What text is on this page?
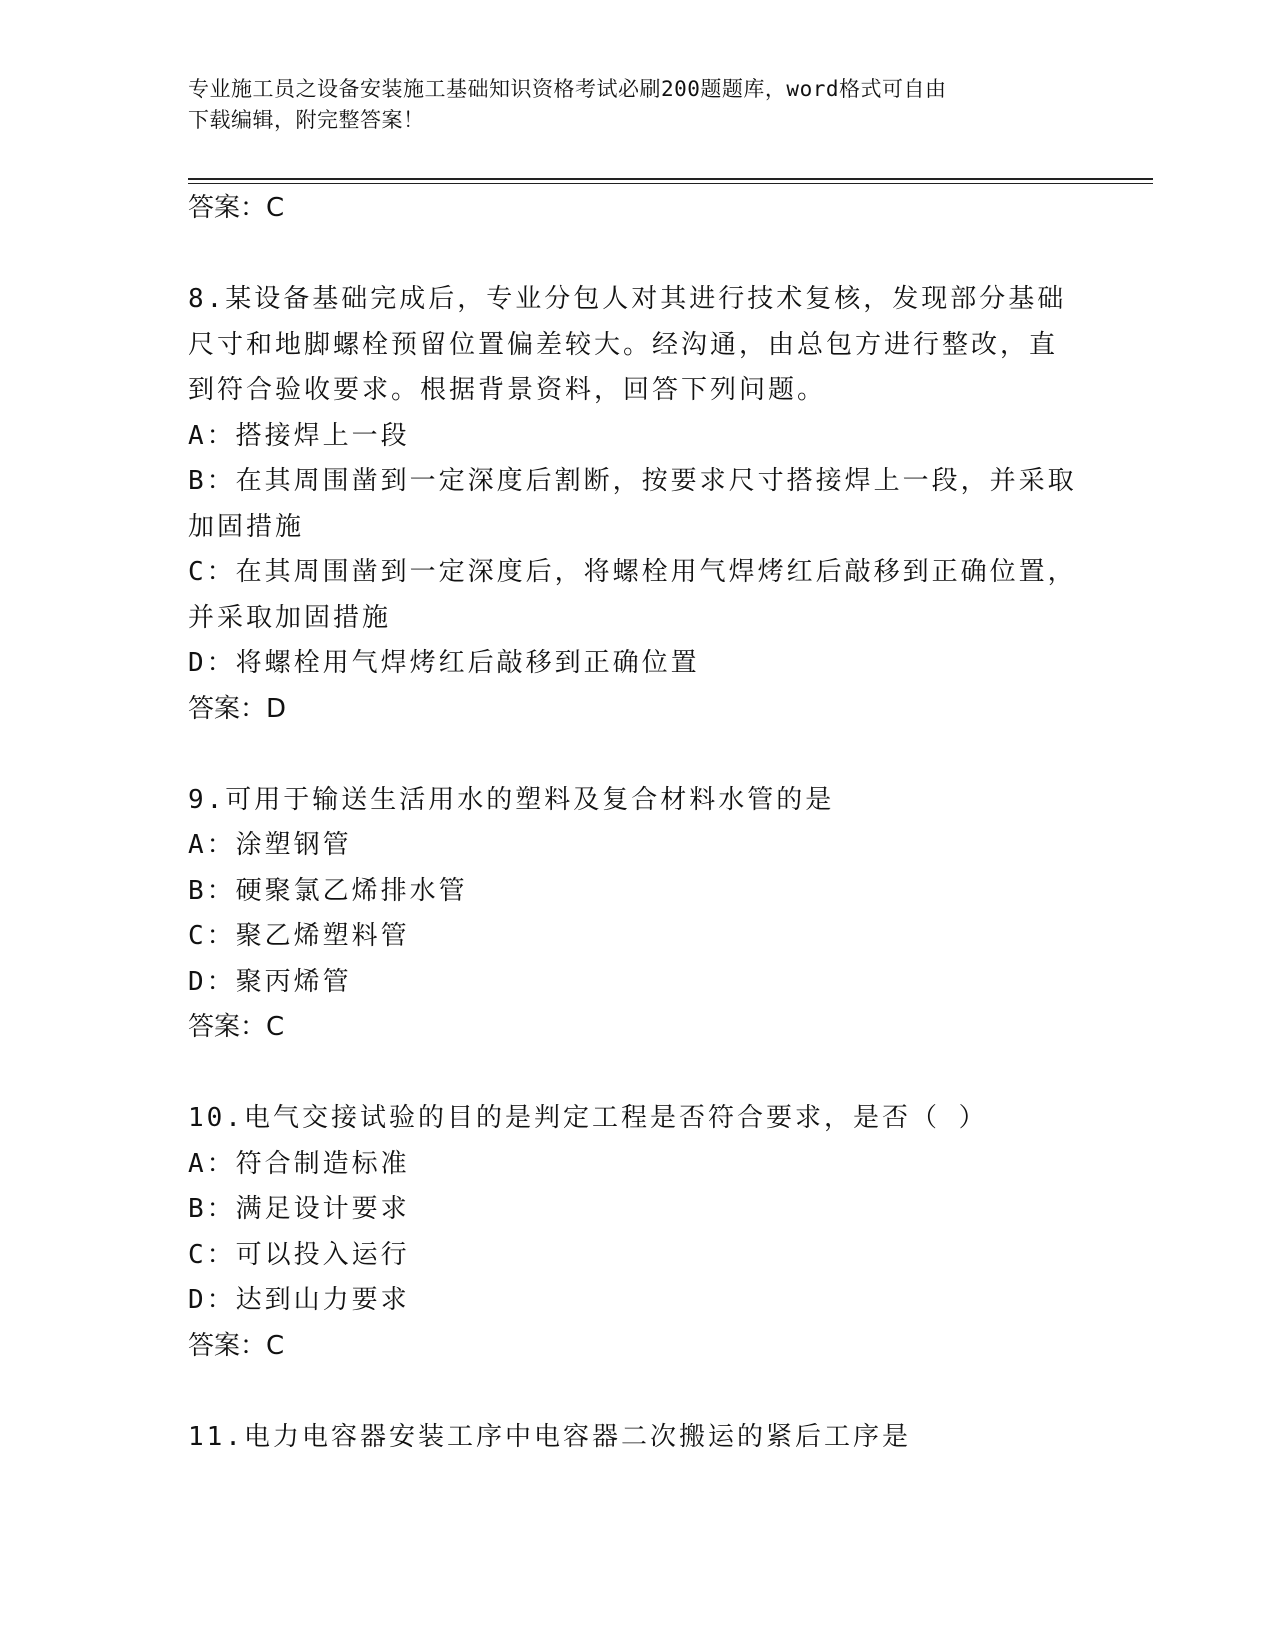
专业施工员之设备安装施工基础知识资格考试必刷200题题库，word格式可自由
下载编辑，附完整答案！
答案：C
8.某设备基础完成后，专业分包人对其进行技术复核，发现部分基础
尺寸和地脚螺栓预留位置偏差较大。经沟通，由总包方进行整改，直
到符合验收要求。根据背景资料，回答下列问题。
A：搭接焊上一段
B：在其周围凿到一定深度后割断，按要求尺寸搭接焊上一段，并采取
加固措施
C：在其周围凿到一定深度后，将螺栓用气焊烤红后敲移到正确位置，
并采取加固措施
D：将螺栓用气焊烤红后敲移到正确位置
答案：D
9.可用于输送生活用水的塑料及复合材料水管的是
A：涂塑钢管
B：硬聚氯乙烯排水管
C：聚乙烯塑料管
D：聚丙烯管
答案：C
10.电气交接试验的目的是判定工程是否符合要求，是否（ ）
A：符合制造标准
B：满足设计要求
C：可以投入运行
D：达到山力要求
答案：C
11.电力电容器安装工序中电容器二次搬运的紧后工序是
